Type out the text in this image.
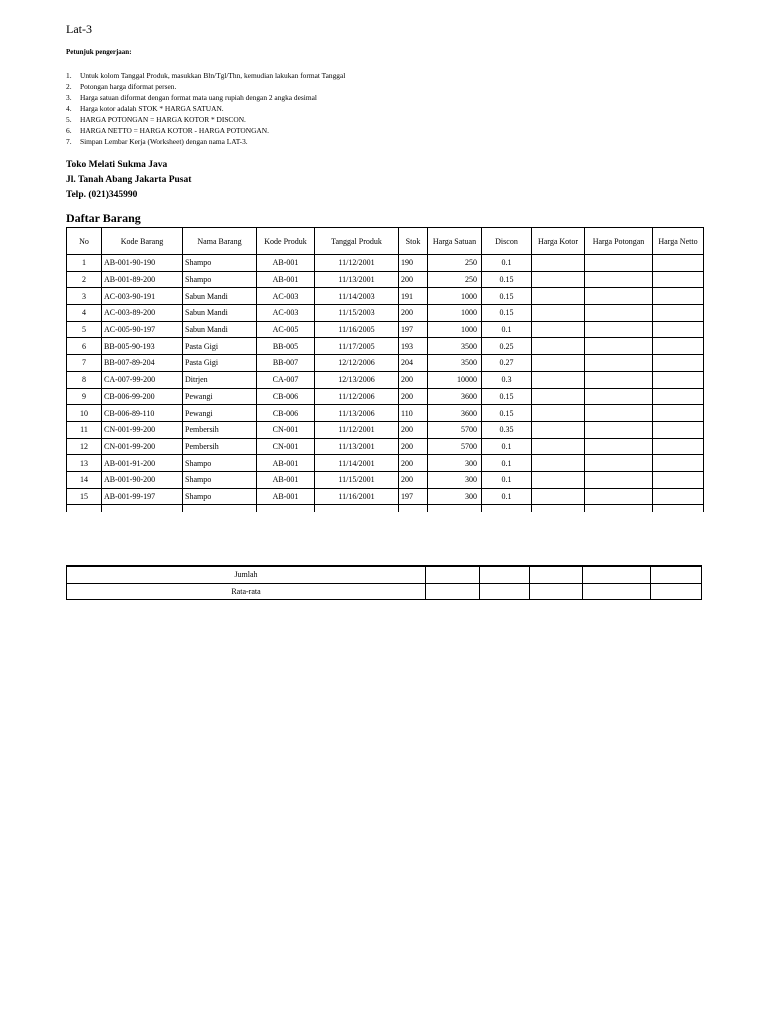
Lat-3
Petunjuk pengerjaan:
1. Untuk kolom Tanggal Produk, masukkan Bln/Tgl/Thn, kemudian lakukan format Tanggal
2. Potongan harga diformat persen.
3. Harga satuan diformat dengan format mata uang rupiah dengan 2 angka desimal
4. Harga kotor adalah STOK * HARGA SATUAN.
5. HARGA POTONGAN = HARGA KOTOR * DISCON.
6. HARGA NETTO = HARGA KOTOR - HARGA POTONGAN.
7. Simpan Lembar Kerja (Worksheet) dengan nama LAT-3.
Toko Melati Sukma Java
Jl. Tanah Abang Jakarta Pusat
Telp. (021)345990
Daftar Barang
No	Kode Barang	Nama Barang	Kode Produk	Tanggal Produk	Stok	Harga Satuan	Discon	Harga Kotor	Harga Potongan	Harga Netto
1	AB-001-90-190	Shampo	AB-001	11/12/2001	190	250	0.1			
2	AB-001-89-200	Shampo	AB-001	11/13/2001	200	250	0.15			
3	AC-003-90-191	Sabun Mandi	AC-003	11/14/2003	191	1000	0.15			
4	AC-003-89-200	Sabun Mandi	AC-003	11/15/2003	200	1000	0.15			
5	AC-005-90-197	Sabun Mandi	AC-005	11/16/2005	197	1000	0.1			
6	BB-005-90-193	Pasta Gigi	BB-005	11/17/2005	193	3500	0.25			
7	BB-007-89-204	Pasta Gigi	BB-007	12/12/2006	204	3500	0.27			
8	CA-007-99-200	Ditrjen	CA-007	12/13/2006	200	10000	0.3			
9	CB-006-99-200	Pewangi	CB-006	11/12/2006	200	3600	0.15			
10	CB-006-89-110	Pewangi	CB-006	11/13/2006	110	3600	0.15			
11	CN-001-99-200	Pembersih	CN-001	11/12/2001	200	5700	0.35			
12	CN-001-99-200	Pembersih	CN-001	11/13/2001	200	5700	0.1			
13	AB-001-91-200	Shampo	AB-001	11/14/2001	200	300	0.1			
14	AB-001-90-200	Shampo	AB-001	11/15/2001	200	300	0.1			
15	AB-001-99-197	Shampo	AB-001	11/16/2001	197	300	0.1			

Jumlah					
Rata-rata					
